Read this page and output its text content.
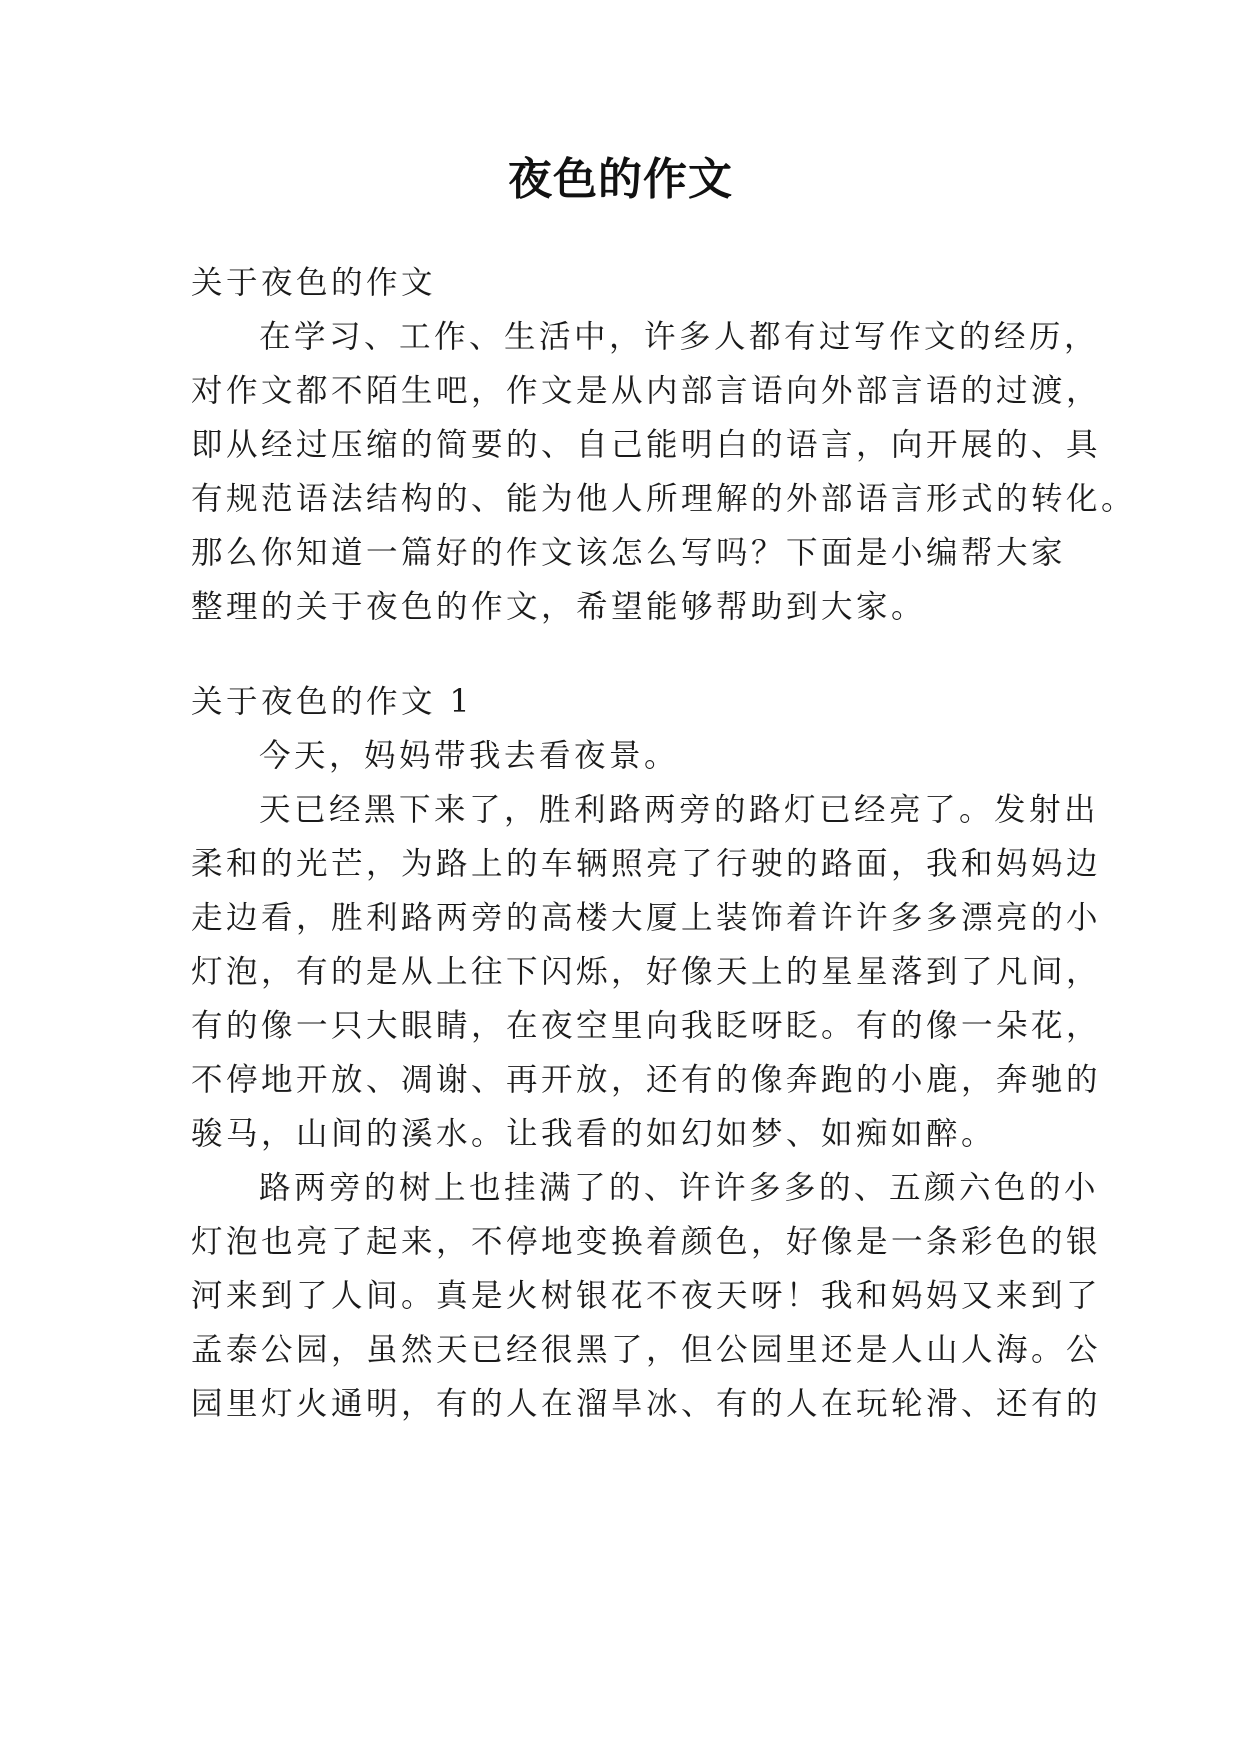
夜色的作文
关于夜色的作文
在学习、工作、生活中，许多人都有过写作文的经历，
对作文都不陌生吧，作文是从内部言语向外部言语的过渡，
即从经过压缩的简要的、自己能明白的语言，向开展的、具
有规范语法结构的、能为他人所理解的外部语言形式的转化。
那么你知道一篇好的作文该怎么写吗？下面是小编帮大家
整理的关于夜色的作文，希望能够帮助到大家。
关于夜色的作文 1
今天，妈妈带我去看夜景。
天已经黑下来了，胜利路两旁的路灯已经亮了。发射出
柔和的光芒，为路上的车辆照亮了行驶的路面，我和妈妈边
走边看，胜利路两旁的高楼大厦上装饰着许许多多漂亮的小
灯泡，有的是从上往下闪烁，好像天上的星星落到了凡间，
有的像一只大眼睛，在夜空里向我眨呀眨。有的像一朵花，
不停地开放、凋谢、再开放，还有的像奔跑的小鹿，奔驰的
骏马，山间的溪水。让我看的如幻如梦、如痴如醉。
路两旁的树上也挂满了的、许许多多的、五颜六色的小
灯泡也亮了起来，不停地变换着颜色，好像是一条彩色的银
河来到了人间。真是火树银花不夜天呀！我和妈妈又来到了
孟泰公园，虽然天已经很黑了，但公园里还是人山人海。公
园里灯火通明，有的人在溜旱冰、有的人在玩轮滑、还有的
